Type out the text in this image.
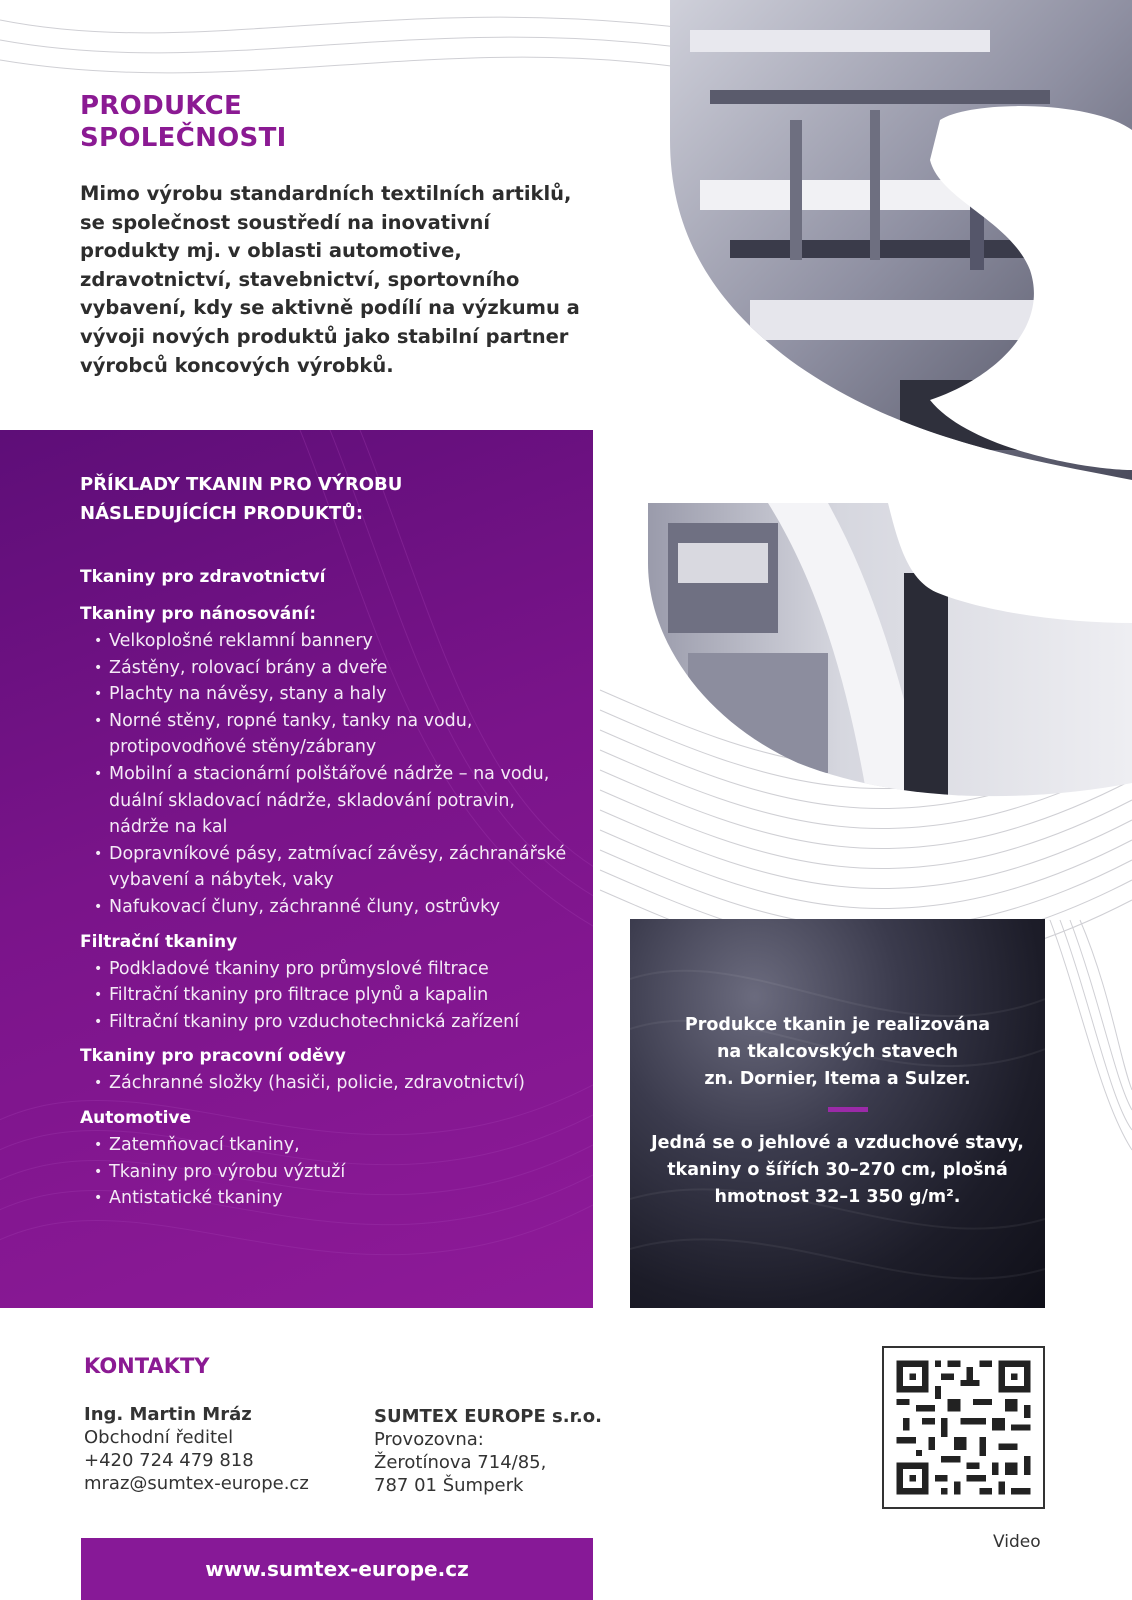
PRODUKCE
SPOLEČNOSTI

Mimo výrobu standardních textilních artiklů, se společnost soustředí na inovativní produkty mj. v oblasti automotive, zdravotnictví, stavebnictví, sportovního vybavení, kdy se aktivně podílí na výzkumu a vývoji nových produktů jako stabilní partner výrobců koncových výrobků.

PŘÍKLADY TKANIN PRO VÝROBU
NÁSLEDUJÍCÍCH PRODUKTŮ:
Tkaniny pro zdravotnictví
Tkaniny pro nánosování:
• Velkoplošné reklamní bannery
• Zástěny, rolovací brány a dveře
• Plachty na návěsy, stany a haly
• Norné stěny, ropné tanky, tanky na vodu, protipovodňové stěny/zábrany
• Mobilní a stacionární polštářové nádrže – na vodu, duální skladovací nádrže, skladování potravin, nádrže na kal
• Dopravníkové pásy, zatmívací závěsy, záchranářské vybavení a nábytek, vaky
• Nafukovací čluny, záchranné čluny, ostrůvky
Filtrační tkaniny
• Podkladové tkaniny pro průmyslové filtrace
• Filtrační tkaniny pro filtrace plynů a kapalin
• Filtrační tkaniny pro vzduchotechnická zařízení
Tkaniny pro pracovní oděvy
• Záchranné složky (hasiči, policie, zdravotnictví)
Automotive
• Zatemňovací tkaniny,
• Tkaniny pro výrobu výztuží
• Antistatické tkaniny
Produkce tkanin je realizována
na tkalcovských stavech
zn. Dornier, Itema a Sulzer.
Jedná se o jehlové a vzduchové stavy,
tkaniny o šířích 30–270 cm, plošná
hmotnost 32–1 350 g/m².
KONTAKTY
Ing. Martin Mráz
Obchodní ředitel
+420 724 479 818
mraz@sumtex-europe.cz
SUMTEX EUROPE s.r.o.
Provozovna:
Žerotínova 714/85,
787 01 Šumperk
Video
www.sumtex-europe.cz
